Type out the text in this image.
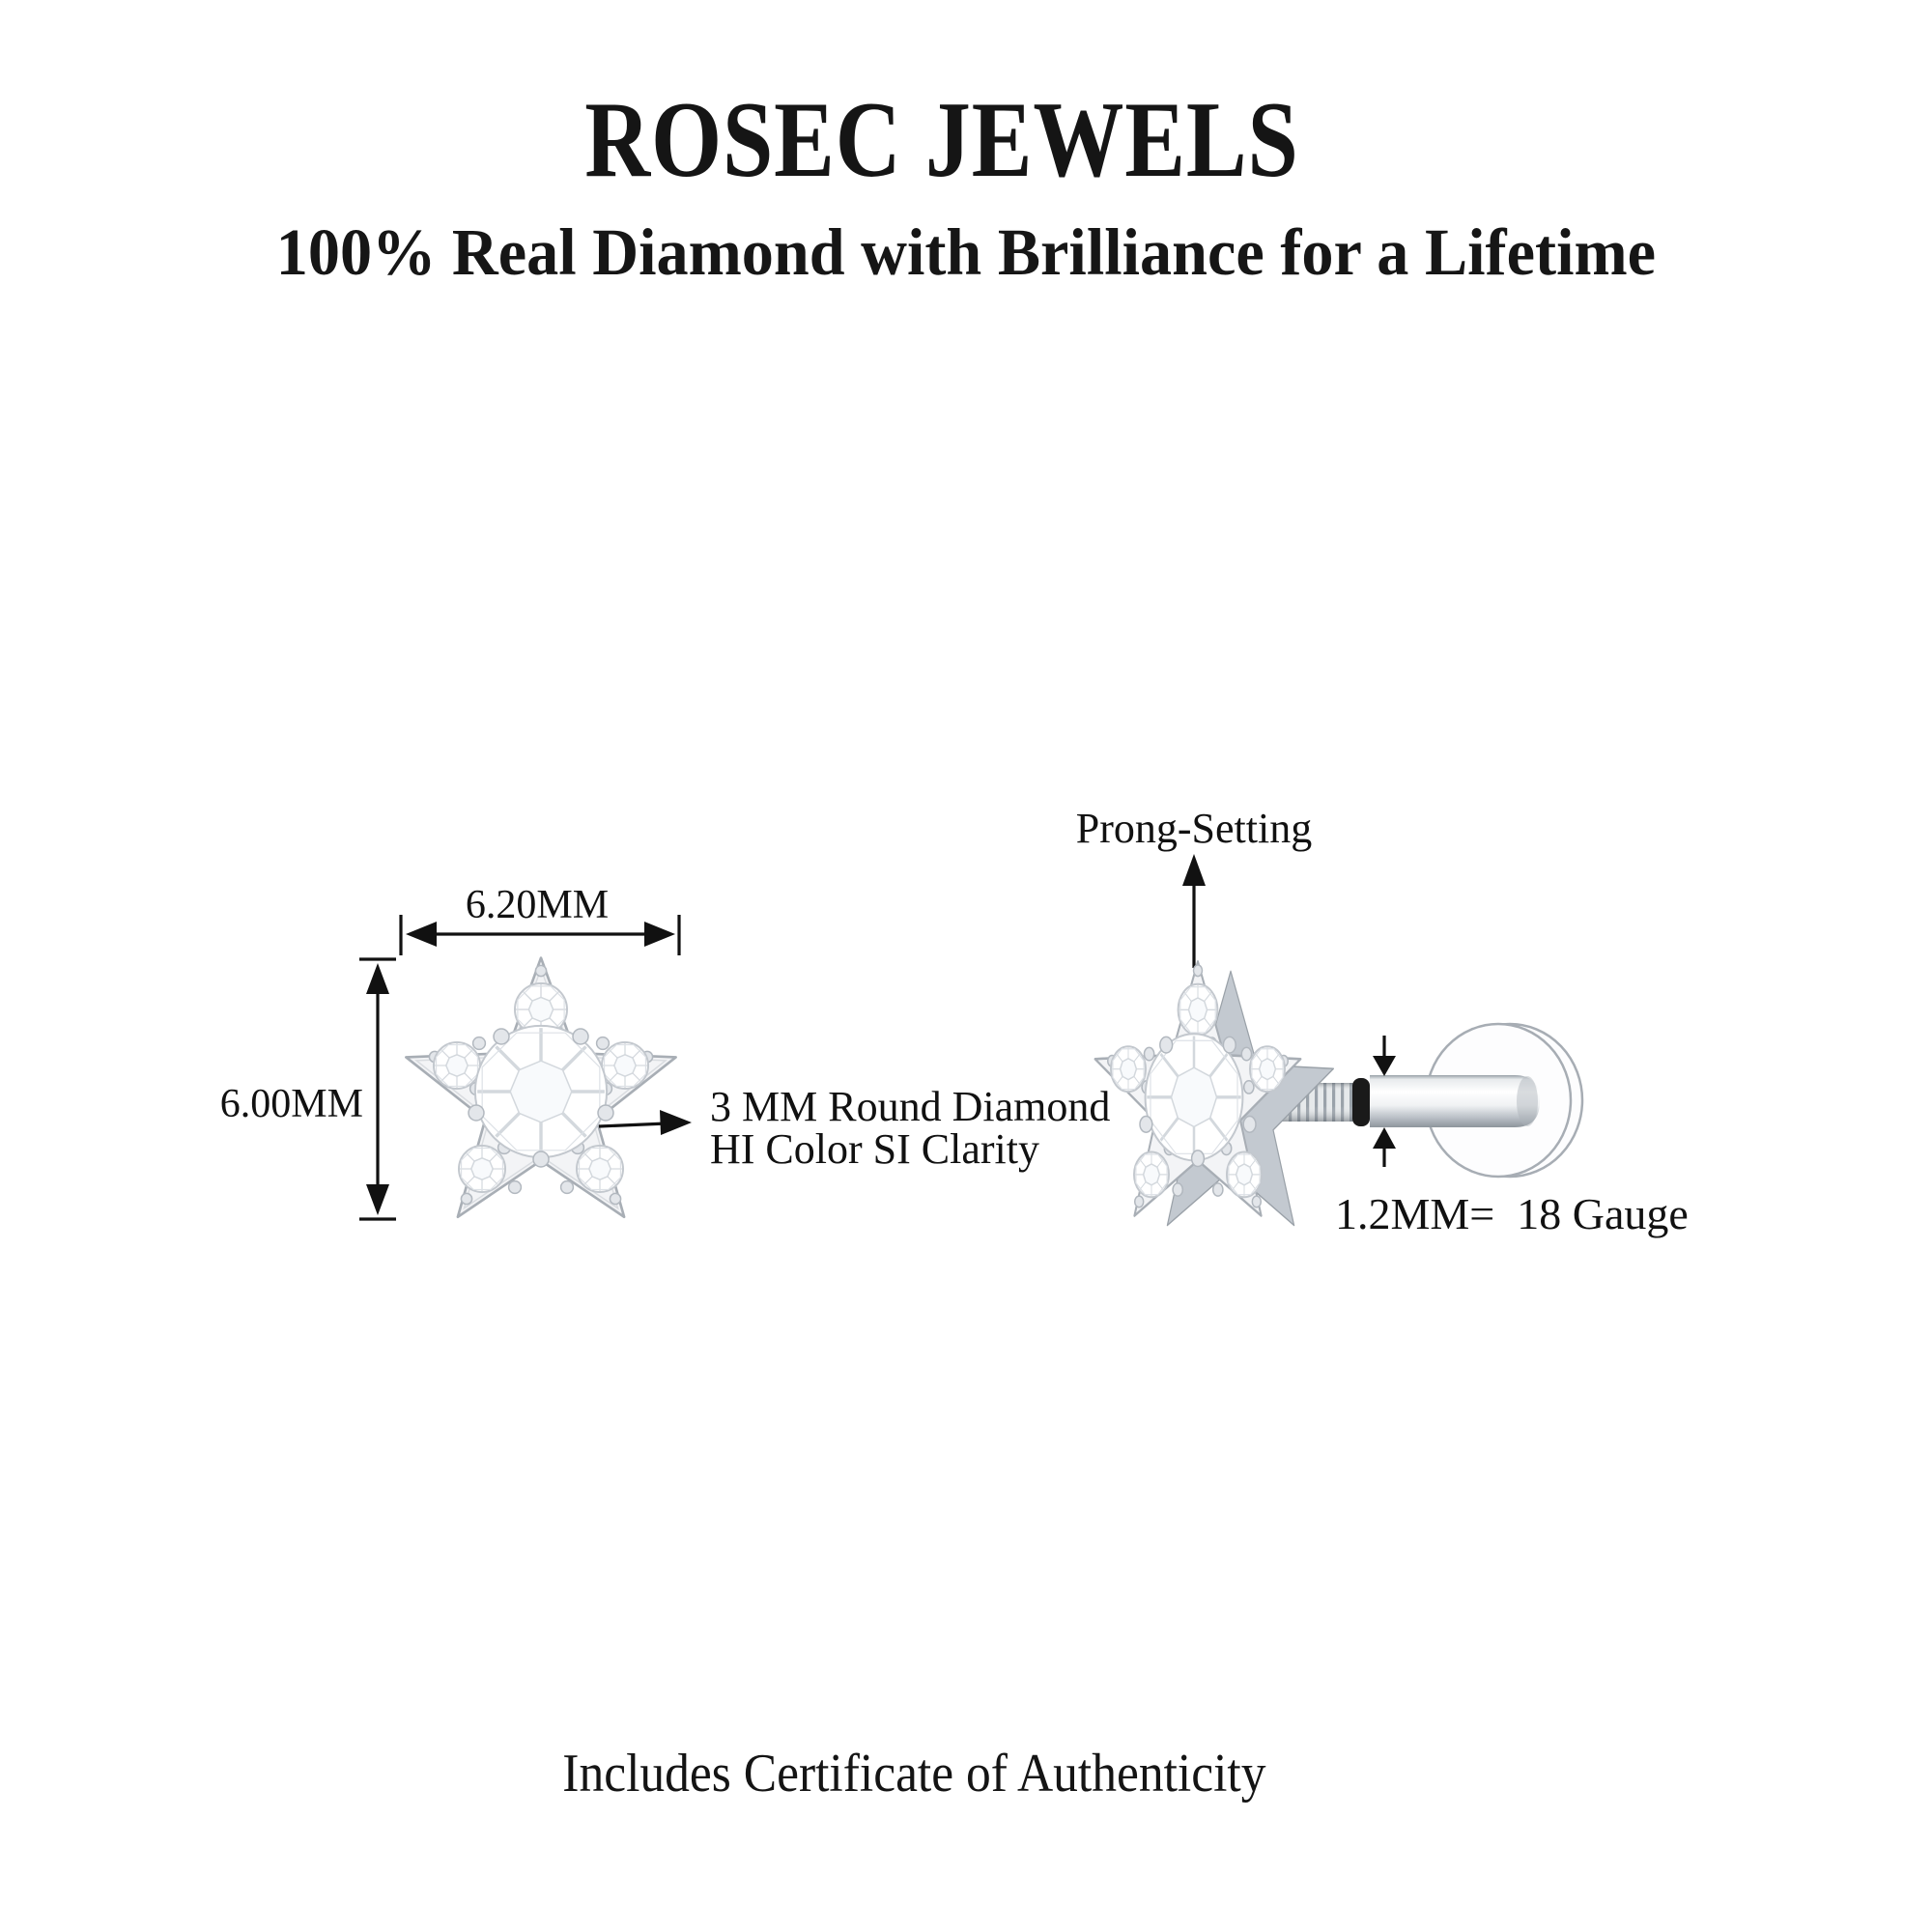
ROSEC JEWELS
100% Real Diamond with Brilliance for a Lifetime
6.20MM
6.00MM	3 MM Round Diamond
HI Color SI Clarity
Prong-Setting
1.2MM=  18 Gauge
Includes Certificate of Authenticity
